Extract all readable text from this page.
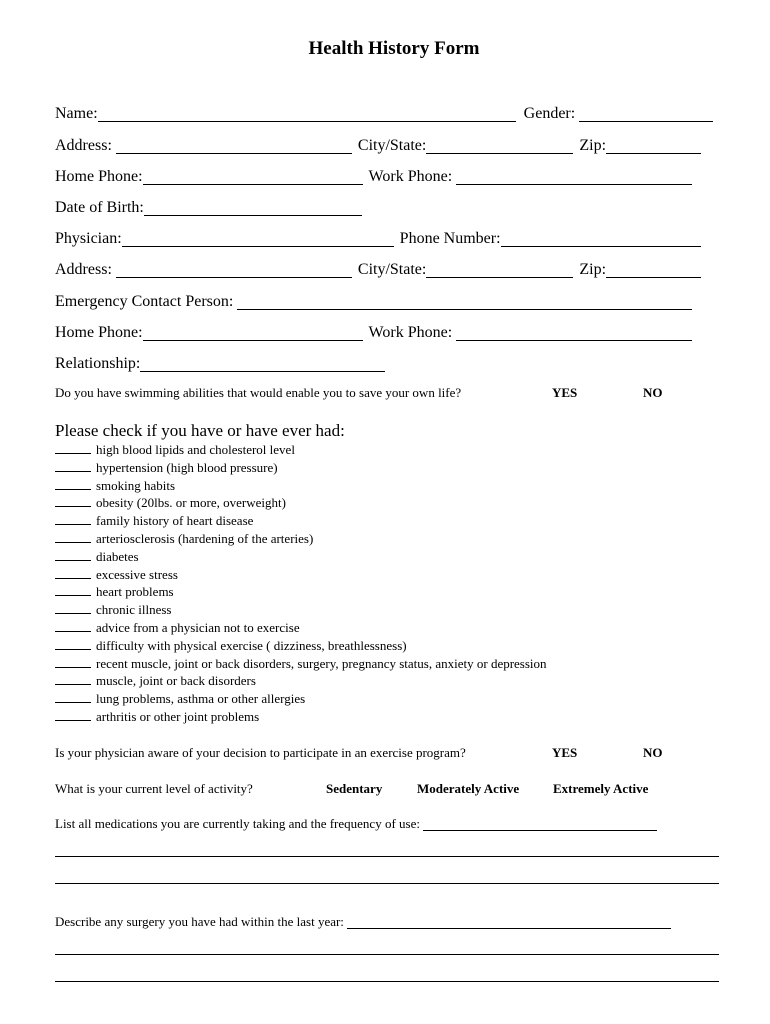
Health History Form
Name:	Gender:
Address:	City/State:	Zip:
Home Phone:	Work Phone:
Date of Birth:
Physician:	Phone Number:
Address:	City/State:	Zip:
Emergency Contact Person:
Home Phone:	Work Phone:
Relationship:
Do you have swimming abilities that would enable you to save your own life?	YES	NO
Please check if you have or have ever had:
high blood lipids and cholesterol level
hypertension (high blood pressure)
smoking habits
obesity (20lbs. or more, overweight)
family history of heart disease
arteriosclerosis (hardening of the arteries)
diabetes
excessive stress
heart problems
chronic illness
advice from a physician not to exercise
difficulty with physical exercise ( dizziness, breathlessness)
recent muscle, joint or back disorders, surgery, pregnancy status, anxiety or depression
muscle, joint or back disorders
lung problems, asthma or other allergies
arthritis or other joint problems
Is your physician aware of your decision to participate in an exercise program?	YES	NO
What is your current level of activity?	Sedentary	Moderately Active	Extremely Active
List all medications you are currently taking and the frequency of use:
Describe any surgery you have had within the last year:
